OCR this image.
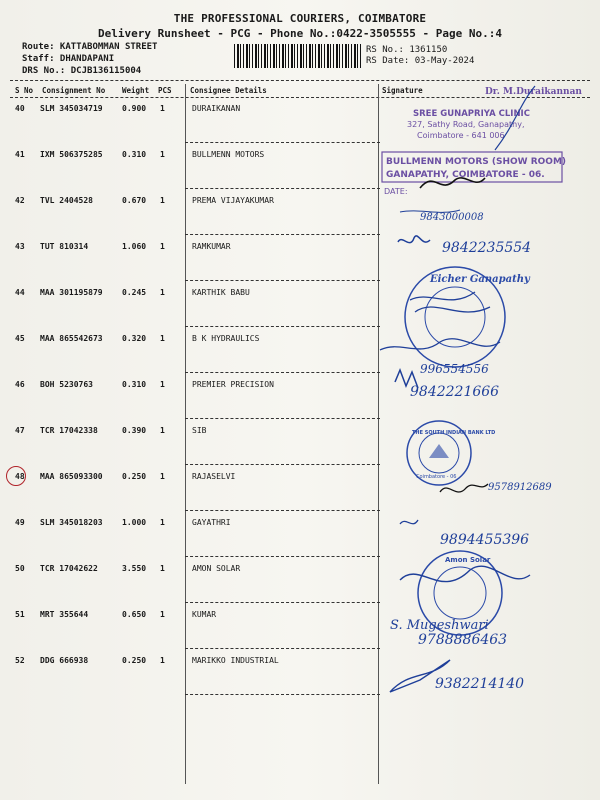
THE PROFESSIONAL COURIERS, COIMBATORE
Delivery Runsheet - PCG - Phone No.:0422-3505555 - Page No.:4
Route: KATTABOMMAN STREET
Staff: DHANDAPANI
DRS No.: DCJB136115004
RS No.: 1361150
RS Date: 03-May-2024
S No Consignment No Weight PCS Consignee Details	Signature
40 SLM 345034719 0.900 1	DURAIKANAN
41 IXM 506375285 0.310 1	BULLMENN MOTORS
42 TVL 2404528	0.670 1	PREMA VIJAYAKUMAR
43 TUT 810314	1.060 1	RAMKUMAR
44 MAA 301195879 0.245 1	KARTHIK BABU
45 MAA 865542673 0.320 1	B K HYDRAULICS
46 BOH 5230763	0.310 1	PREMIER PRECISION
47 TCR 17042338	0.390 1	SIB
48 MAA 865093300 0.250 1	RAJASELVI
49 SLM 345018203 1.000 1	GAYATHRI
50 TCR 17042622	3.550 1	AMON SOLAR
51 MRT 355644	0.650 1	KUMAR
52 DDG 666938	0.250 1	MARIKKO INDUSTRIAL
Dr. M.Duraikannan
SREE GUNAPRIYA CLINIC
327, Sathy Road, Ganapathy,
Coimbatore - 641 006
BULLMENN MOTORS (SHOW ROOM)
GANAPATHY, COIMBATORE - 06.
DATE:
Eicher Ganapathy
THE SOUTH INDIAN BANK LTD
Coimbatore - 06
Amon Solar
9843000008
9842235554
996554556
9842221666
9578912689
9894455396
S. Mugeshwari
9788886463
9382214140
